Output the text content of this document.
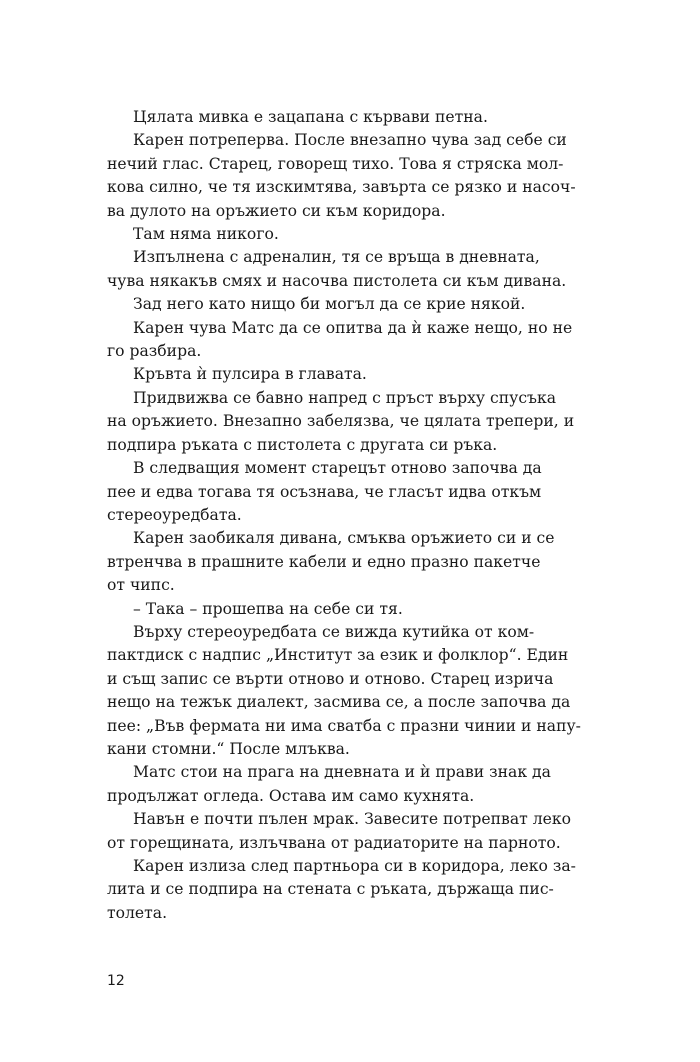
Цялата мивка е зацапана с кървави петна.

Карен потреперва. После внезапно чува зад себе си
нечий глас. Старец, говорещ тихо. Това я стряска мол-
кова силно, че тя изскимтява, завърта се рязко и насоч-
ва дулото на оръжието си към коридора.

Там няма никого.

Изпълнена с адреналин, тя се връща в дневната,
чува някакъв смях и насочва пистолета си към дивана.

Зад него като нищо би могъл да се крие някой.

Карен чува Матс да се опитва да ѝ каже нещо, но не
го разбира.

Кръвта ѝ пулсира в главата.

Придвижва се бавно напред с пръст върху спусъка
на оръжието. Внезапно забелязва, че цялата трепери, и
подпира ръката с пистолета с другата си ръка.

В следващия момент старецът отново започва да
пее и едва тогава тя осъзнава, че гласът идва откъм
стереоуредбата.

Карен заобикаля дивана, смъква оръжието си и се
втренчва в прашните кабели и едно празно пакетче
от чипс.

– Така – прошепва на себе си тя.

Върху стереоуредбата се вижда кутийка от ком-
пактдиск с надпис „Институт за език и фолклор“. Един
и същ запис се върти отново и отново. Старец изрича
нещо на тежък диалект, засмива се, а после започва да
пее: „Във фермата ни има сватба с празни чинии и напу-
кани стомни.“ После млъква.

Матс стои на прага на дневната и ѝ прави знак да
продължат огледа. Остава им само кухнята.

Навън е почти пълен мрак. Завесите потрепват леко
от горещината, излъчвана от радиаторите на парното.

Карен излиза след партньора си в коридора, леко за-
лита и се подпира на стената с ръката, държаща пис-
толета.

12
